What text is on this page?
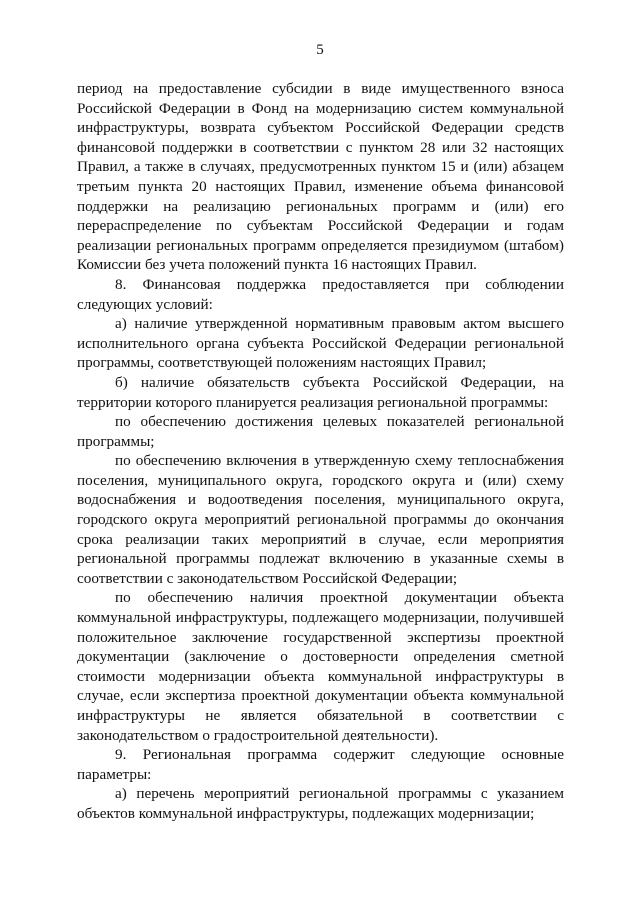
5

период на предоставление субсидии в виде имущественного взноса Российской Федерации в Фонд на модернизацию систем коммунальной инфраструктуры, возврата субъектом Российской Федерации средств финансовой поддержки в соответствии с пунктом 28 или 32 настоящих Правил, а также в случаях, предусмотренных пунктом 15 и (или) абзацем третьим пункта 20 настоящих Правил, изменение объема финансовой поддержки на реализацию региональных программ и (или) его перераспределение по субъектам Российской Федерации и годам реализации региональных программ определяется президиумом (штабом) Комиссии без учета положений пункта 16 настоящих Правил.

8. Финансовая поддержка предоставляется при соблюдении следующих условий:

а) наличие утвержденной нормативным правовым актом высшего исполнительного органа субъекта Российской Федерации региональной программы, соответствующей положениям настоящих Правил;

б) наличие обязательств субъекта Российской Федерации, на территории которого планируется реализация региональной программы:

по обеспечению достижения целевых показателей региональной программы;

по обеспечению включения в утвержденную схему теплоснабжения поселения, муниципального округа, городского округа и (или) схему водоснабжения и водоотведения поселения, муниципального округа, городского округа мероприятий региональной программы до окончания срока реализации таких мероприятий в случае, если мероприятия региональной программы подлежат включению в указанные схемы в соответствии с законодательством Российской Федерации;

по обеспечению наличия проектной документации объекта коммунальной инфраструктуры, подлежащего модернизации, получившей положительное заключение государственной экспертизы проектной документации (заключение о достоверности определения сметной стоимости модернизации объекта коммунальной инфраструктуры в случае, если экспертиза проектной документации объекта коммунальной инфраструктуры не является обязательной в соответствии с законодательством о градостроительной деятельности).

9. Региональная программа содержит следующие основные параметры:

а) перечень мероприятий региональной программы с указанием объектов коммунальной инфраструктуры, подлежащих модернизации;
